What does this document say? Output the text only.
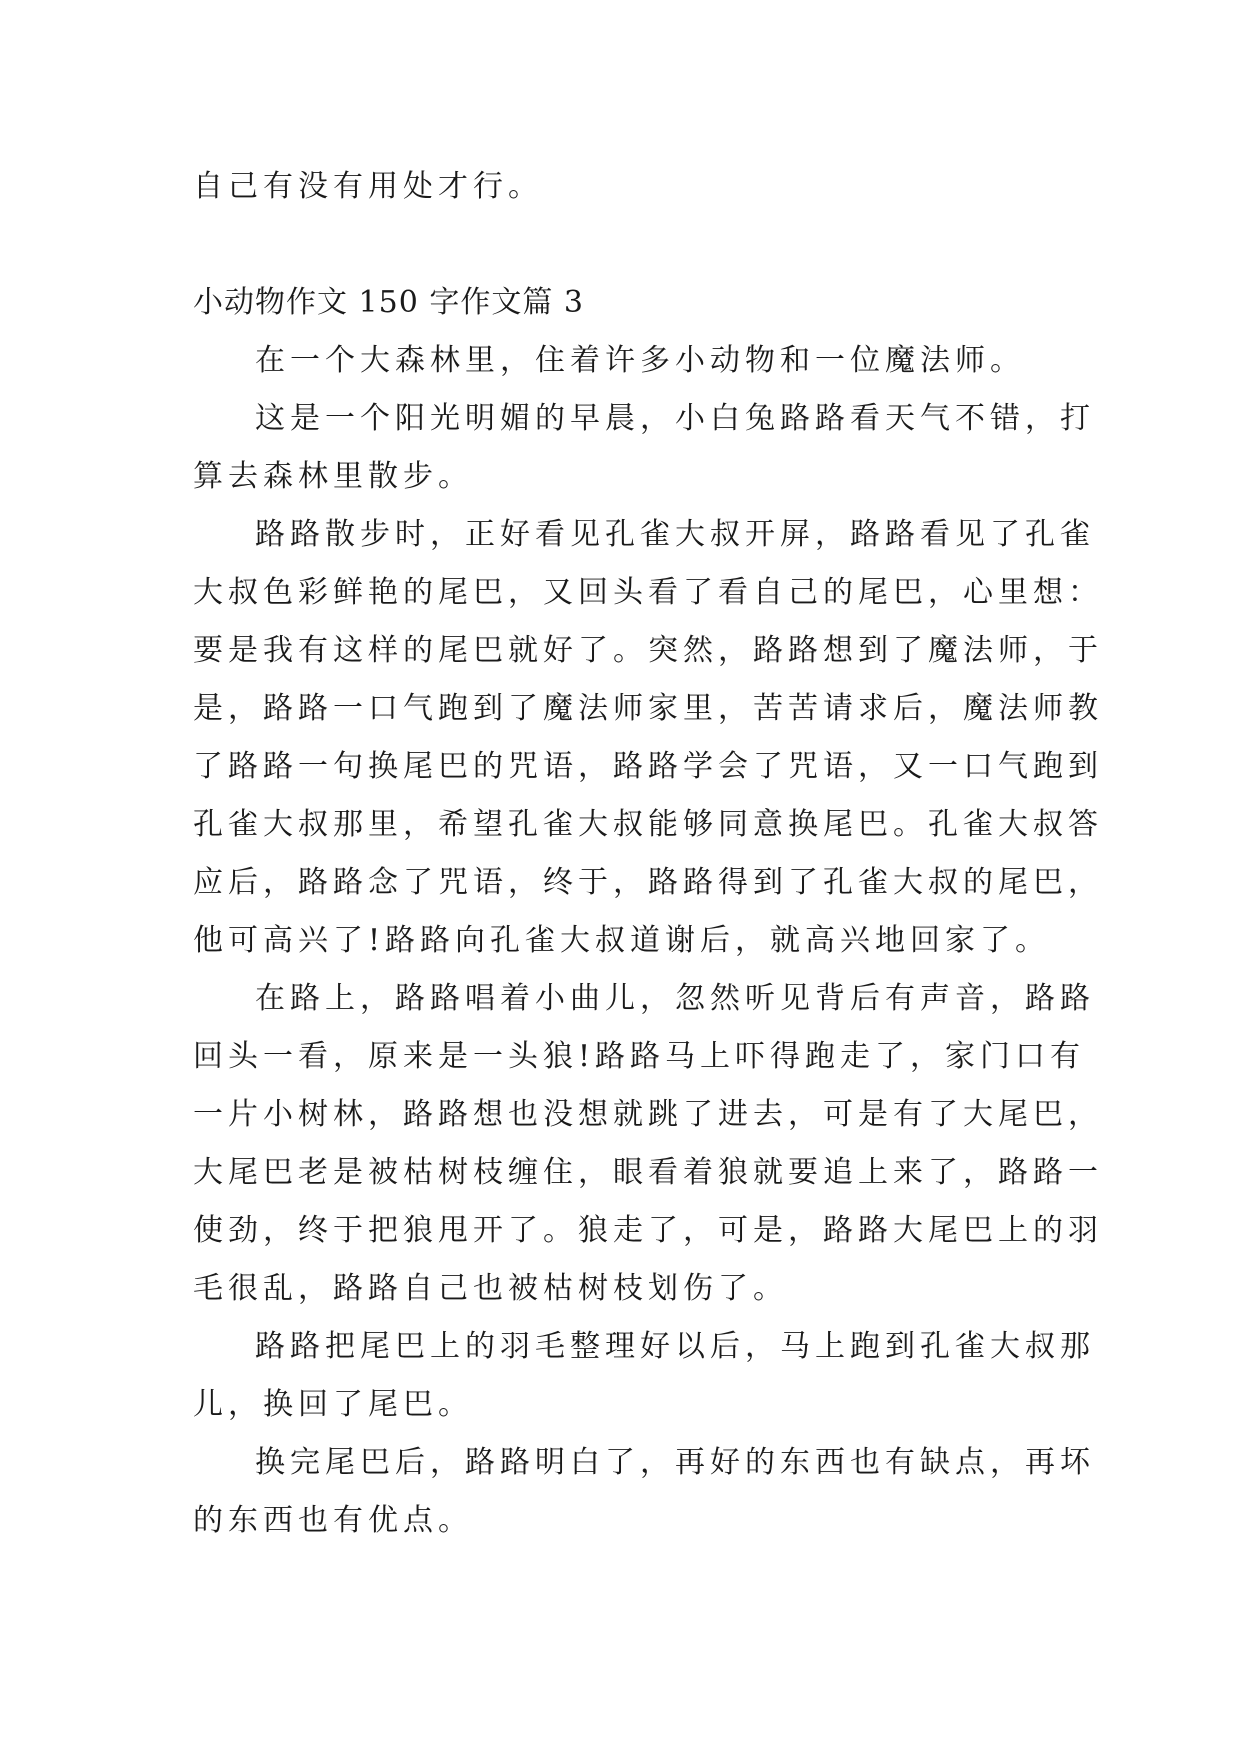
自己有没有用处才行。

小动物作文 150 字作文篇 3

在一个大森林里，住着许多小动物和一位魔法师。

这是一个阳光明媚的早晨，小白兔路路看天气不错，打

算去森林里散步。

路路散步时，正好看见孔雀大叔开屏，路路看见了孔雀

大叔色彩鲜艳的尾巴，又回头看了看自己的尾巴，心里想：

要是我有这样的尾巴就好了。突然，路路想到了魔法师，于

是，路路一口气跑到了魔法师家里，苦苦请求后，魔法师教

了路路一句换尾巴的咒语，路路学会了咒语，又一口气跑到

孔雀大叔那里，希望孔雀大叔能够同意换尾巴。孔雀大叔答

应后，路路念了咒语，终于，路路得到了孔雀大叔的尾巴，

他可高兴了!路路向孔雀大叔道谢后，就高兴地回家了。

在路上，路路唱着小曲儿，忽然听见背后有声音，路路

回头一看，原来是一头狼!路路马上吓得跑走了，家门口有

一片小树林，路路想也没想就跳了进去，可是有了大尾巴，

大尾巴老是被枯树枝缠住，眼看着狼就要追上来了，路路一

使劲，终于把狼甩开了。狼走了，可是，路路大尾巴上的羽

毛很乱，路路自己也被枯树枝划伤了。

路路把尾巴上的羽毛整理好以后，马上跑到孔雀大叔那

儿，换回了尾巴。

换完尾巴后，路路明白了，再好的东西也有缺点，再坏

的东西也有优点。
